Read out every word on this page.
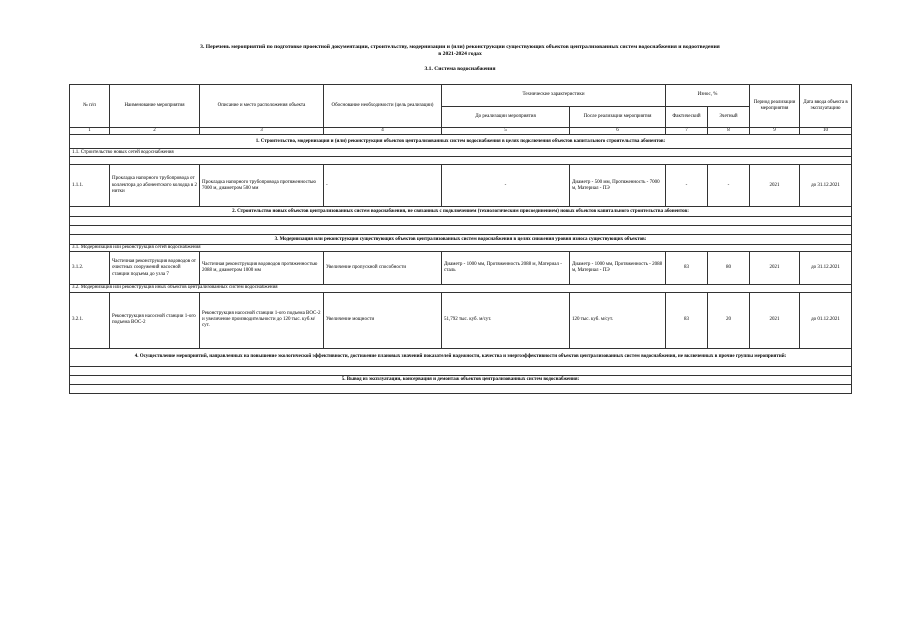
3. Перечень мероприятий по подготовке проектной документации, строительству, модернизации и (или) реконструкции существующих объектов централизованных систем водоснабжения и водоотведения
в 2021-2024 годах
3.1. Система водоснабжения
№ п/п	Наименование мероприятия	Описание и место расположения объекта	Обоснование необходимости (цель реализации)	Технические характеристики		Износ, %		Период реализации мероприятия	Дата ввода объекта в эксплуатацию
				До реализации мероприятия	После реализации мероприятия	Фактический	Зчетный		
1	2	3	4	5	6	7	8	9	10
1. Строительство, модернизация и (или) реконструкция объектов централизованных систем водоснабжения в целях подключения объектов капитального строительства абонентов:									
1.1. Строительство новых сетей водоснабжения									

1.1.1.	Прокладка напорного трубопровода от коллектора до абонентского колодца в 2 нитки	Прокладка напорного трубопровода протяженностью 7000 м, диаметром 500 мм	-	-	Диаметр - 500 мм, Протяженность - 7000 м, Материал - ПЭ	-	-	2021	до 31.12.2021
2. Строительство новых объектов централизованных систем водоснабжения, не связанных с подключением (технологическим присоединением) новых объектов капитального строительства абонентов:									

3. Модернизация или реконструкция существующих объектов централизованных систем водоснабжения в целях снижения уровня износа существующих объектов:									
3.1. Модернизация или реконструкция сетей водоснабжения									
3.1.2.	Частичная реконструкция водоводов от очистных сооружений насосной станции подъема до узла 7	Частичная реконструкция водоводов протяженностью 2088 м, диаметром 1000 мм	Увеличение пропускной способности	Диаметр - 1000 мм, Протяженность 2088 м, Материал - сталь	Диаметр - 1000 мм, Протяженность - 2088 м, Материал - ПЭ	83	80	2021	до 31.12.2021
3.2. Модернизация или реконструкция иных объектов централизованных систем водоснабжения									
3.2.1.	Реконструкция насосной станции 1-ого подъема ВОС-2	Реконструкция насосной станции 1-ого подъема ВОС-2 и увеличение производительности до 120 тыс. куб.м/сут.	Увеличение мощности	51,792 тыс. куб. м/сут.	120 тыс. куб. м/сут.	83	20	2021	до 01.12.2021
4. Осуществление мероприятий, направленных на повышение экологической эффективности, достижение плановых значений показателей надежности, качества и энергоэффективности объектов централизованных систем водоснабжения, не включенных в прочие группы мероприятий:									

5. Вывод из эксплуатации, консервация и демонтаж объектов централизованных систем водоснабжения:									
